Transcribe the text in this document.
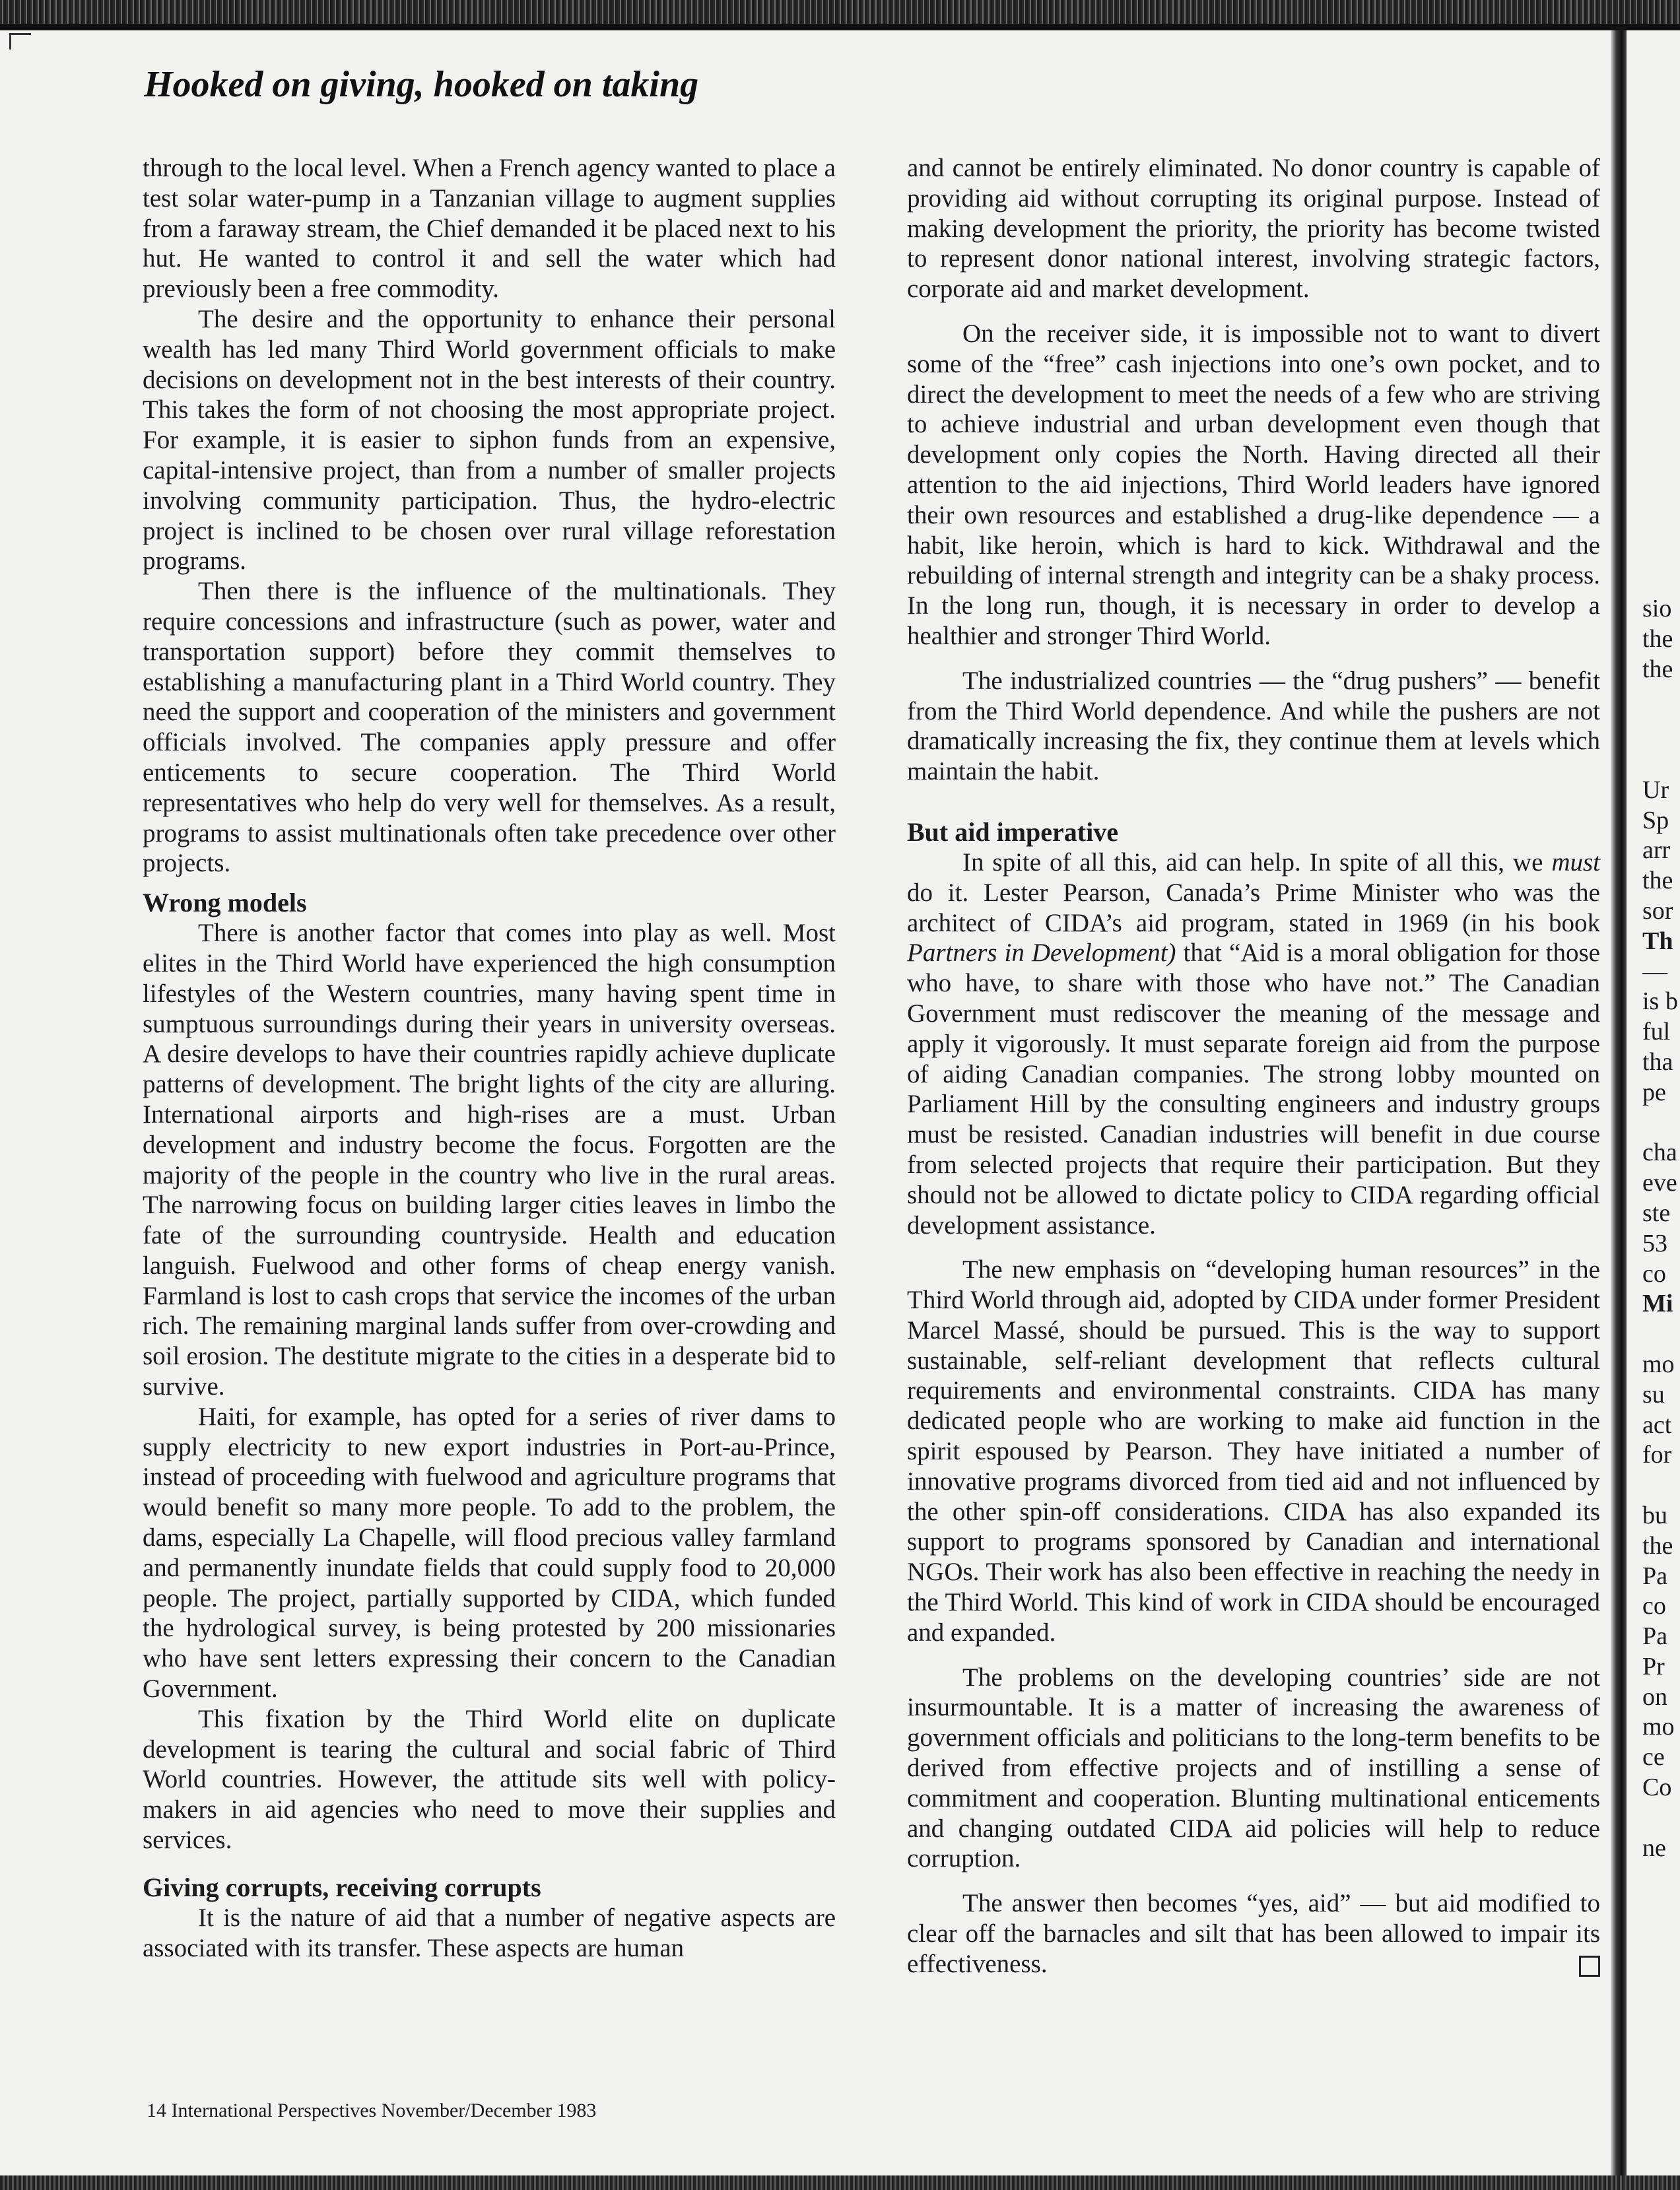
Hooked on giving, hooked on taking

through to the local level. When a French agency wanted to place a test solar water-pump in a Tanzanian village to augment supplies from a faraway stream, the Chief demanded it be placed next to his hut. He wanted to control it and sell the water which had previously been a free commodity.

The desire and the opportunity to enhance their personal wealth has led many Third World government officials to make decisions on development not in the best interests of their country. This takes the form of not choosing the most appropriate project. For example, it is easier to siphon funds from an expensive, capital-intensive project, than from a number of smaller projects involving community participation. Thus, the hydro-electric project is inclined to be chosen over rural village reforestation programs.

Then there is the influence of the multinationals. They require concessions and infrastructure (such as power, water and transportation support) before they commit themselves to establishing a manufacturing plant in a Third World country. They need the support and cooperation of the ministers and government officials involved. The companies apply pressure and offer enticements to secure cooperation. The Third World representatives who help do very well for themselves. As a result, programs to assist multinationals often take precedence over other projects.

Wrong models

There is another factor that comes into play as well. Most elites in the Third World have experienced the high consumption lifestyles of the Western countries, many having spent time in sumptuous surroundings during their years in university overseas. A desire develops to have their countries rapidly achieve duplicate patterns of development. The bright lights of the city are alluring. International airports and high-rises are a must. Urban development and industry become the focus. Forgotten are the majority of the people in the country who live in the rural areas. The narrowing focus on building larger cities leaves in limbo the fate of the surrounding countryside. Health and education languish. Fuelwood and other forms of cheap energy vanish. Farmland is lost to cash crops that service the incomes of the urban rich. The remaining marginal lands suffer from over-crowding and soil erosion. The destitute migrate to the cities in a desperate bid to survive.

Haiti, for example, has opted for a series of river dams to supply electricity to new export industries in Port-au-Prince, instead of proceeding with fuelwood and agriculture programs that would benefit so many more people. To add to the problem, the dams, especially La Chapelle, will flood precious valley farmland and permanently inundate fields that could supply food to 20,000 people. The project, partially supported by CIDA, which funded the hydrological survey, is being protested by 200 missionaries who have sent letters expressing their concern to the Canadian Government.

This fixation by the Third World elite on duplicate development is tearing the cultural and social fabric of Third World countries. However, the attitude sits well with policy-makers in aid agencies who need to move their supplies and services.

Giving corrupts, receiving corrupts

It is the nature of aid that a number of negative aspects are associated with its transfer. These aspects are human

and cannot be entirely eliminated. No donor country is capable of providing aid without corrupting its original purpose. Instead of making development the priority, the priority has become twisted to represent donor national interest, involving strategic factors, corporate aid and market development.

On the receiver side, it is impossible not to want to divert some of the “free” cash injections into one’s own pocket, and to direct the development to meet the needs of a few who are striving to achieve industrial and urban development even though that development only copies the North. Having directed all their attention to the aid injections, Third World leaders have ignored their own resources and established a drug-like dependence — a habit, like heroin, which is hard to kick. Withdrawal and the rebuilding of internal strength and integrity can be a shaky process. In the long run, though, it is necessary in order to develop a healthier and stronger Third World.

The industrialized countries — the “drug pushers” — benefit from the Third World dependence. And while the pushers are not dramatically increasing the fix, they continue them at levels which maintain the habit.

But aid imperative

In spite of all this, aid can help. In spite of all this, we must do it. Lester Pearson, Canada’s Prime Minister who was the architect of CIDA’s aid program, stated in 1969 (in his book Partners in Development) that “Aid is a moral obligation for those who have, to share with those who have not.” The Canadian Government must rediscover the meaning of the message and apply it vigorously. It must separate foreign aid from the purpose of aiding Canadian companies. The strong lobby mounted on Parliament Hill by the consulting engineers and industry groups must be resisted. Canadian industries will benefit in due course from selected projects that require their participation. But they should not be allowed to dictate policy to CIDA regarding official development assistance.

The new emphasis on “developing human resources” in the Third World through aid, adopted by CIDA under former President Marcel Massé, should be pursued. This is the way to support sustainable, self-reliant development that reflects cultural requirements and environmental constraints. CIDA has many dedicated people who are working to make aid function in the spirit espoused by Pearson. They have initiated a number of innovative programs divorced from tied aid and not influenced by the other spin-off considerations. CIDA has also expanded its support to programs sponsored by Canadian and international NGOs. Their work has also been effective in reaching the needy in the Third World. This kind of work in CIDA should be encouraged and expanded.

The problems on the developing countries’ side are not insurmountable. It is a matter of increasing the awareness of government officials and politicians to the long-term benefits to be derived from effective projects and of instilling a sense of commitment and cooperation. Blunting multinational enticements and changing outdated CIDA aid policies will help to reduce corruption.

The answer then becomes “yes, aid” — but aid modified to clear off the barnacles and silt that has been allowed to impair its effectiveness.

sio
the
the
Ur
Sp
arr
the
sor
Th
—
is b
ful
tha
pe
cha
eve
ste
53
co
Mi
mo
su
act
for
bu
the
Pa
co
Pa
Pr
on
mo
ce
Co
ne

14 International Perspectives November/December 1983
